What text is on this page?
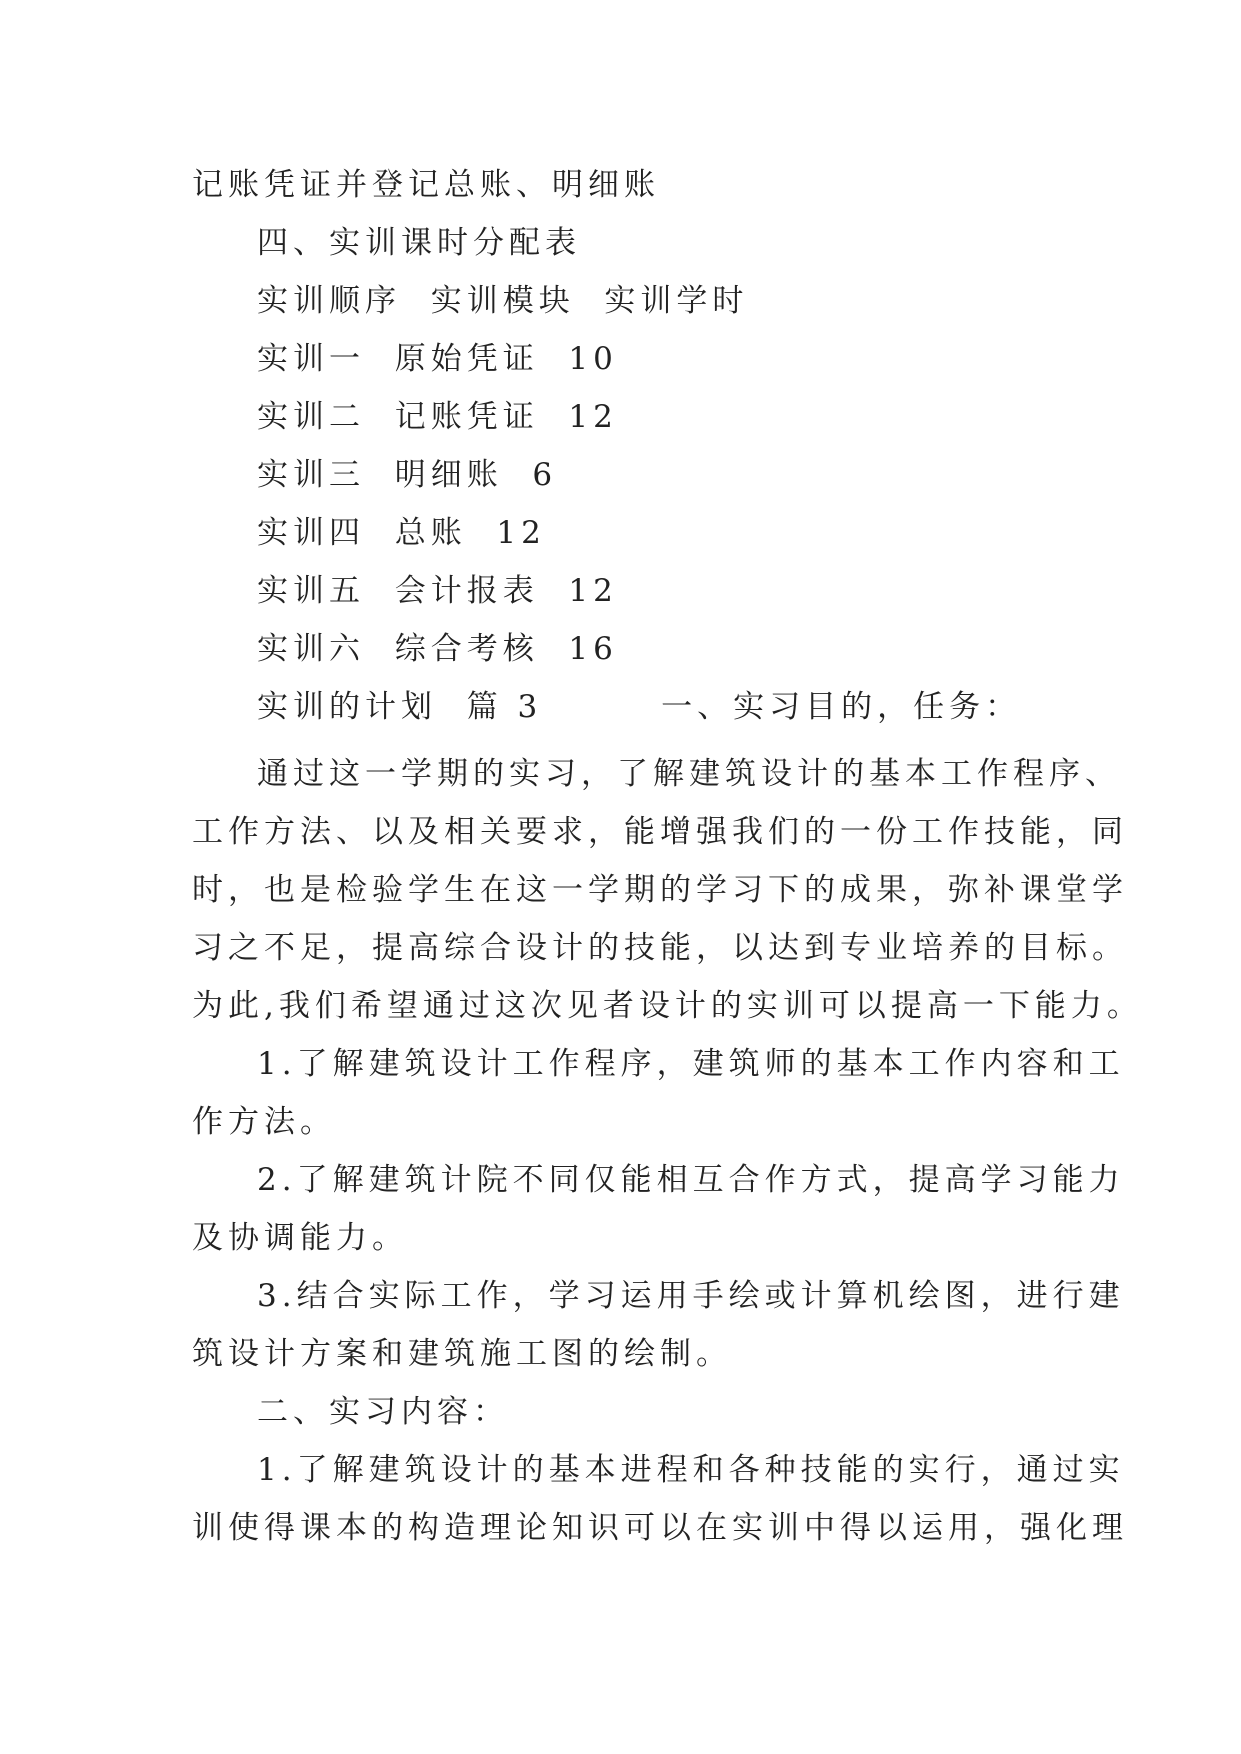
记账凭证并登记总账、明细账
四、实训课时分配表
实训顺序  实训模块  实训学时
实训一  原始凭证  10
实训二  记账凭证  12
实训三  明细账  6
实训四  总账  12
实训五  会计报表  12
实训六  综合考核  16
实训的计划  篇 3        一、实习目的，任务：
通过这一学期的实习，了解建筑设计的基本工作程序、
工作方法、以及相关要求，能增强我们的一份工作技能，同
时，也是检验学生在这一学期的学习下的成果，弥补课堂学
习之不足，提高综合设计的技能，以达到专业培养的目标。
为此,我们希望通过这次见者设计的实训可以提高一下能力。
1.了解建筑设计工作程序，建筑师的基本工作内容和工
作方法。
2.了解建筑计院不同仅能相互合作方式，提高学习能力
及协调能力。
3.结合实际工作，学习运用手绘或计算机绘图，进行建
筑设计方案和建筑施工图的绘制。
二、实习内容：
1.了解建筑设计的基本进程和各种技能的实行，通过实
训使得课本的构造理论知识可以在实训中得以运用，强化理
